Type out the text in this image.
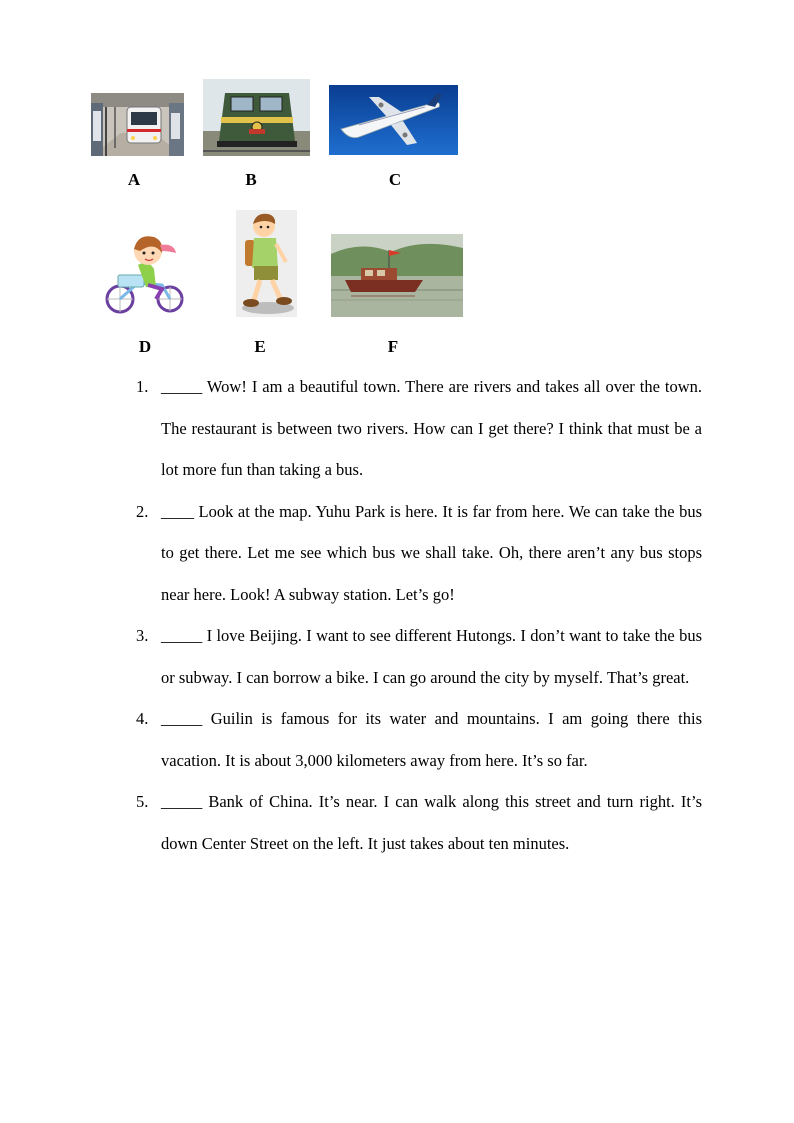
A	B	C
D	E	F
1. _____ Wow! I am a beautiful town. There are rivers and takes all over the town. The restaurant is between two rivers. How can I get there? I think that must be a lot more fun than taking a bus.
2. ____ Look at the map. Yuhu Park is here. It is far from here. We can take the bus to get there. Let me see which bus we shall take. Oh, there aren’t any bus stops near here. Look! A subway station. Let’s go!
3. _____ I love Beijing. I want to see different Hutongs. I don’t want to take the bus or subway. I can borrow a bike. I can go around the city by myself. That’s great.
4. _____ Guilin is famous for its water and mountains. I am going there this vacation. It is about 3,000 kilometers away from here. It’s so far.
5. _____ Bank of China. It’s near. I can walk along this street and turn right. It’s down Center Street on the left. It just takes about ten minutes.
